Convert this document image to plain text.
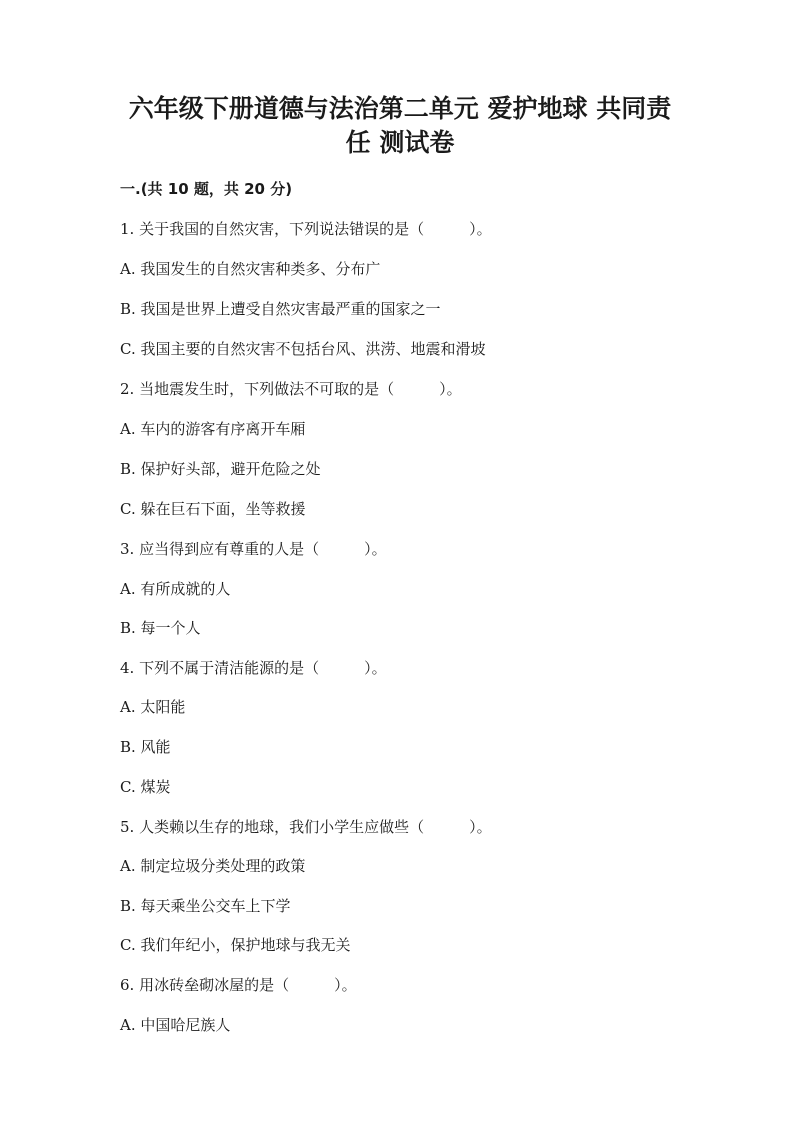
六年级下册道德与法治第二单元 爱护地球 共同责
任 测试卷

一.(共 10 题，共 20 分)

1. 关于我国的自然灾害，下列说法错误的是（　　　）。

A. 我国发生的自然灾害种类多、分布广

B. 我国是世界上遭受自然灾害最严重的国家之一

C. 我国主要的自然灾害不包括台风、洪涝、地震和滑坡

2. 当地震发生时，下列做法不可取的是（　　　）。

A. 车内的游客有序离开车厢

B. 保护好头部，避开危险之处

C. 躲在巨石下面，坐等救援

3. 应当得到应有尊重的人是（　　　）。

A. 有所成就的人

B. 每一个人

4. 下列不属于清洁能源的是（　　　）。

A. 太阳能

B. 风能

C. 煤炭

5. 人类赖以生存的地球，我们小学生应做些（　　　）。

A. 制定垃圾分类处理的政策

B. 每天乘坐公交车上下学

C. 我们年纪小，保护地球与我无关

6. 用冰砖垒砌冰屋的是（　　　）。

A. 中国哈尼族人
